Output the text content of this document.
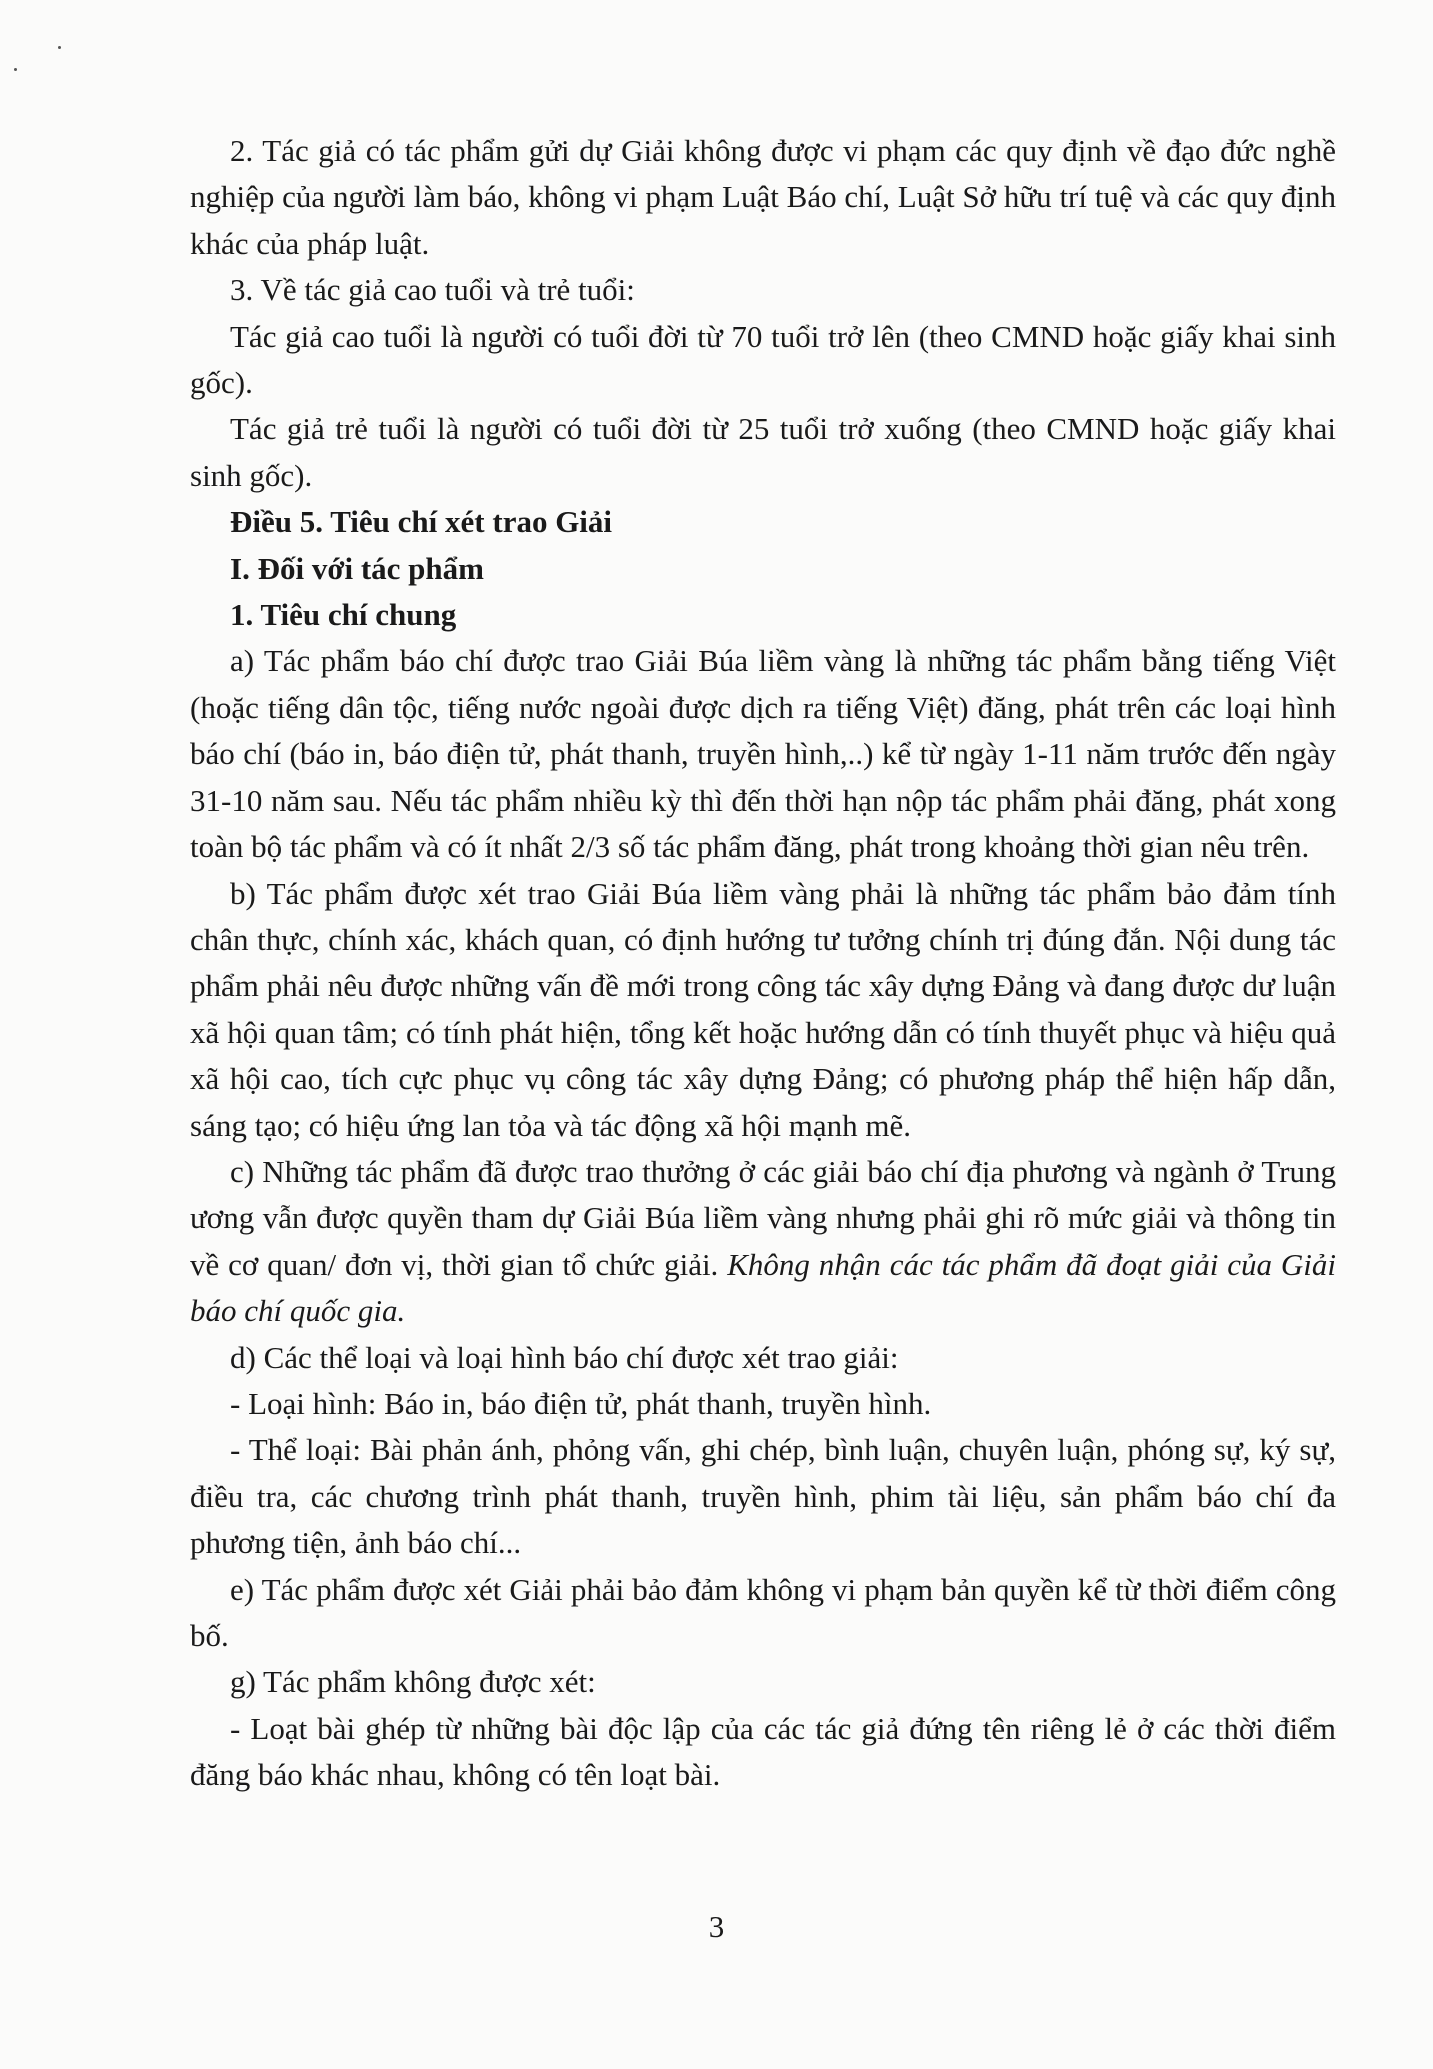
2. Tác giả có tác phẩm gửi dự Giải không được vi phạm các quy định về đạo đức nghề nghiệp của người làm báo, không vi phạm Luật Báo chí, Luật Sở hữu trí tuệ và các quy định khác của pháp luật.

3. Về tác giả cao tuổi và trẻ tuổi:

Tác giả cao tuổi là người có tuổi đời từ 70 tuổi trở lên (theo CMND hoặc giấy khai sinh gốc).

Tác giả trẻ tuổi là người có tuổi đời từ 25 tuổi trở xuống (theo CMND hoặc giấy khai sinh gốc).

Điều 5. Tiêu chí xét trao Giải

I. Đối với tác phẩm

1. Tiêu chí chung

a) Tác phẩm báo chí được trao Giải Búa liềm vàng là những tác phẩm bằng tiếng Việt (hoặc tiếng dân tộc, tiếng nước ngoài được dịch ra tiếng Việt) đăng, phát trên các loại hình báo chí (báo in, báo điện tử, phát thanh, truyền hình,..) kể từ ngày 1-11 năm trước đến ngày 31-10 năm sau. Nếu tác phẩm nhiều kỳ thì đến thời hạn nộp tác phẩm phải đăng, phát xong toàn bộ tác phẩm và có ít nhất 2/3 số tác phẩm đăng, phát trong khoảng thời gian nêu trên.

b) Tác phẩm được xét trao Giải Búa liềm vàng phải là những tác phẩm bảo đảm tính chân thực, chính xác, khách quan, có định hướng tư tưởng chính trị đúng đắn. Nội dung tác phẩm phải nêu được những vấn đề mới trong công tác xây dựng Đảng và đang được dư luận xã hội quan tâm; có tính phát hiện, tổng kết hoặc hướng dẫn có tính thuyết phục và hiệu quả xã hội cao, tích cực phục vụ công tác xây dựng Đảng; có phương pháp thể hiện hấp dẫn, sáng tạo; có hiệu ứng lan tỏa và tác động xã hội mạnh mẽ.

c) Những tác phẩm đã được trao thưởng ở các giải báo chí địa phương và ngành ở Trung ương vẫn được quyền tham dự Giải Búa liềm vàng nhưng phải ghi rõ mức giải và thông tin về cơ quan/ đơn vị, thời gian tổ chức giải. Không nhận các tác phẩm đã đoạt giải của Giải báo chí quốc gia.

d) Các thể loại và loại hình báo chí được xét trao giải:

- Loại hình: Báo in, báo điện tử, phát thanh, truyền hình.

- Thể loại: Bài phản ánh, phỏng vấn, ghi chép, bình luận, chuyên luận, phóng sự, ký sự, điều tra, các chương trình phát thanh, truyền hình, phim tài liệu, sản phẩm báo chí đa phương tiện, ảnh báo chí...

e) Tác phẩm được xét Giải phải bảo đảm không vi phạm bản quyền kể từ thời điểm công bố.

g) Tác phẩm không được xét:

- Loạt bài ghép từ những bài độc lập của các tác giả đứng tên riêng lẻ ở các thời điểm đăng báo khác nhau, không có tên loạt bài.

3
